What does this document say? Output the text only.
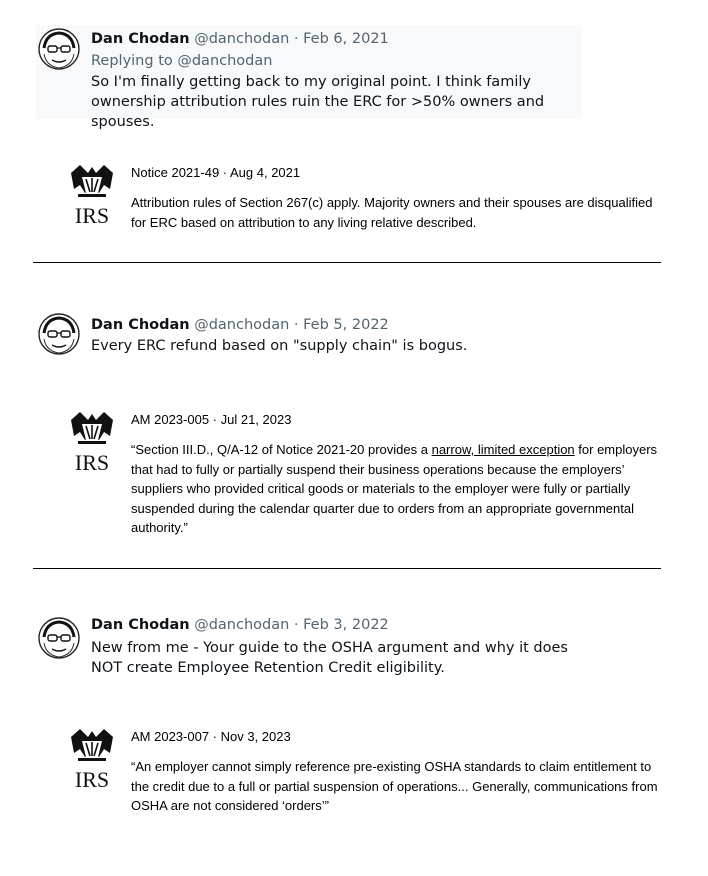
Dan Chodan @danchodan · Feb 6, 2021
Replying to @danchodan
So I'm finally getting back to my original point. I think family ownership attribution rules ruin the ERC for >50% owners and spouses.
IRS
Notice 2021-49 · Aug 4, 2021
Attribution rules of Section 267(c) apply. Majority owners and their spouses are disqualified for ERC based on attribution to any living relative described.
Dan Chodan @danchodan · Feb 5, 2022
Every ERC refund based on "supply chain" is bogus.
IRS
AM 2023-005 · Jul 21, 2023
“Section III.D., Q/A-12 of Notice 2021-20 provides a narrow, limited exception for employers that had to fully or partially suspend their business operations because the employers’ suppliers who provided critical goods or materials to the employer were fully or partially suspended during the calendar quarter due to orders from an appropriate governmental authority.”
Dan Chodan @danchodan · Feb 3, 2022
New from me - Your guide to the OSHA argument and why it does NOT create Employee Retention Credit eligibility.
IRS
AM 2023-007 · Nov 3, 2023
“An employer cannot simply reference pre-existing OSHA standards to claim entitlement to the credit due to a full or partial suspension of operations... Generally, communications from OSHA are not considered ‘orders’”
